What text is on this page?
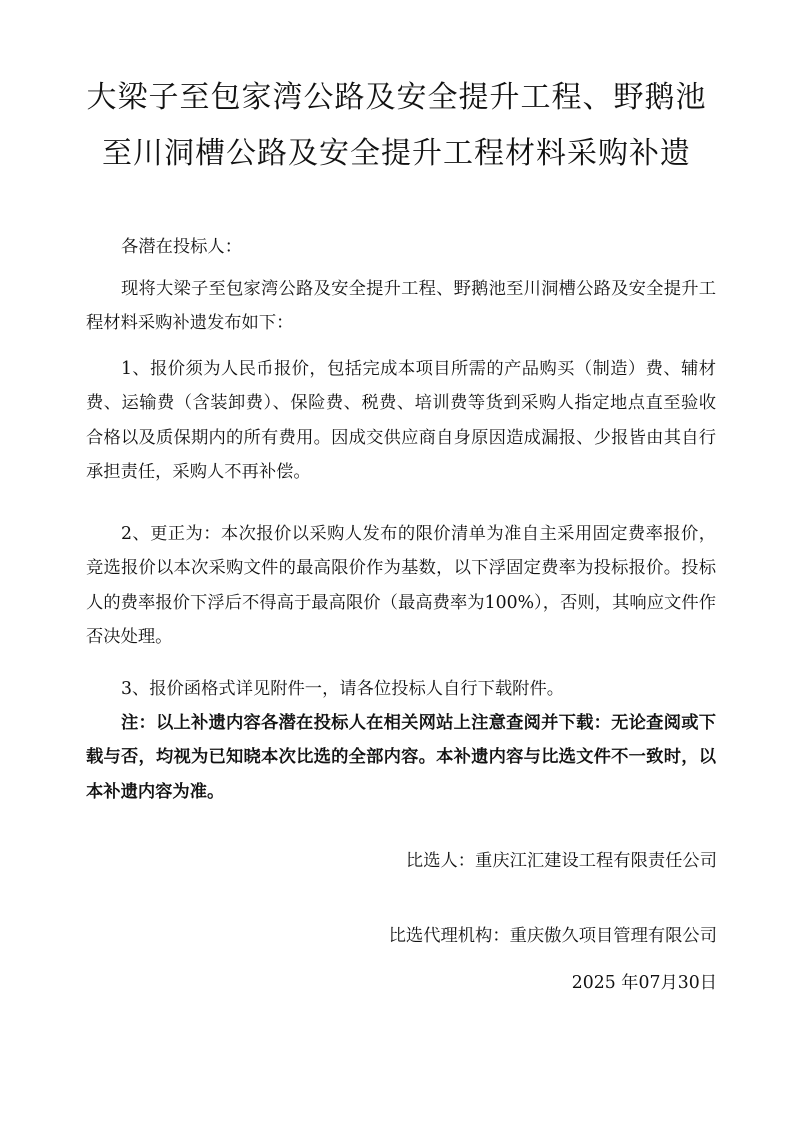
大梁子至包家湾公路及安全提升工程、野鹅池
至川洞槽公路及安全提升工程材料采购补遗

各潜在投标人：

现将大梁子至包家湾公路及安全提升工程、野鹅池至川洞槽公路及安全提升工程材料采购补遗发布如下：

1、报价须为人民币报价，包括完成本项目所需的产品购买（制造）费、辅材费、运输费（含装卸费）、保险费、税费、培训费等货到采购人指定地点直至验收合格以及质保期内的所有费用。因成交供应商自身原因造成漏报、少报皆由其自行承担责任，采购人不再补偿。

2、更正为：本次报价以采购人发布的限价清单为准自主采用固定费率报价，竞选报价以本次采购文件的最高限价作为基数，以下浮固定费率为投标报价。投标人的费率报价下浮后不得高于最高限价（最高费率为100%），否则，其响应文件作否决处理。

3、报价函格式详见附件一，请各位投标人自行下载附件。

注：以上补遗内容各潜在投标人在相关网站上注意查阅并下载：无论查阅或下载与否，均视为已知晓本次比选的全部内容。本补遗内容与比选文件不一致时，以本补遗内容为准。

比选人：重庆江汇建设工程有限责任公司
比选代理机构：重庆傲久项目管理有限公司
2025 年07月30日
